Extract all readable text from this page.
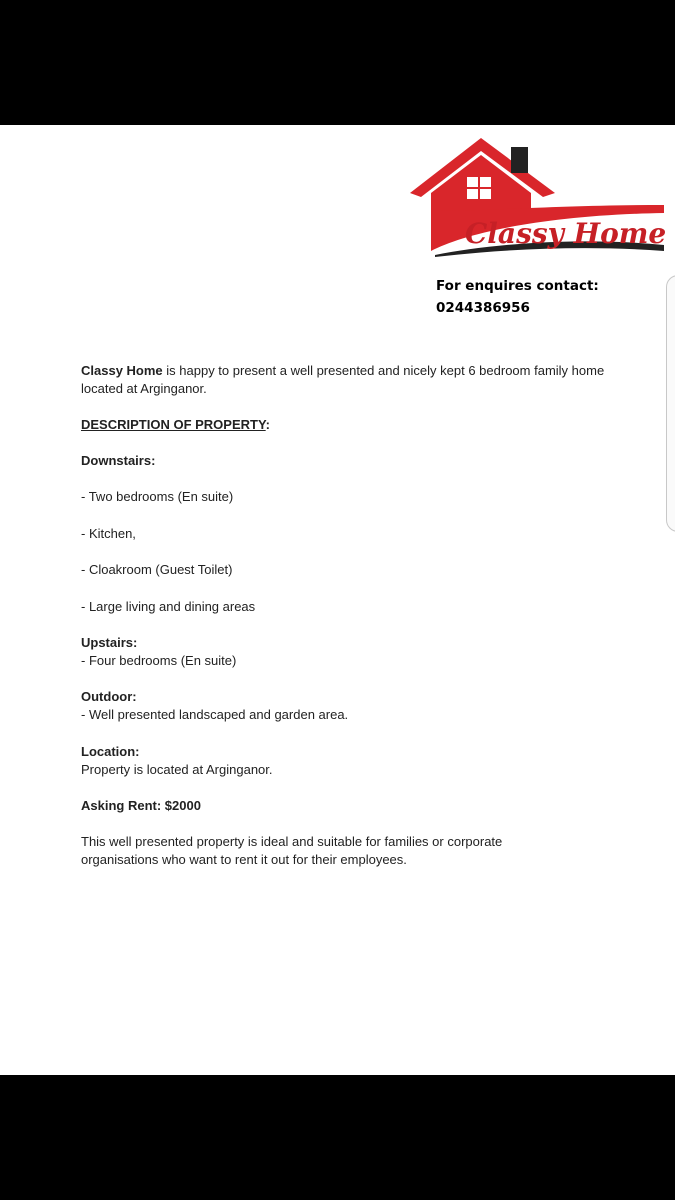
Classy Home
For enquires contact:
0244386956

Classy Home is happy to present a well presented and nicely kept 6 bedroom family home located at Arginganor.

DESCRIPTION OF PROPERTY:

Downstairs:

- Two bedrooms (En suite)

- Kitchen,

- Cloakroom (Guest Toilet)

- Large living and dining areas

Upstairs:

- Four bedrooms (En suite)

Outdoor:

- Well presented landscaped and garden area.

Location:

Property is located at Arginganor.

Asking Rent: $2000

This well presented property is ideal and suitable for families or corporate organisations who want to rent it out for their employees.
